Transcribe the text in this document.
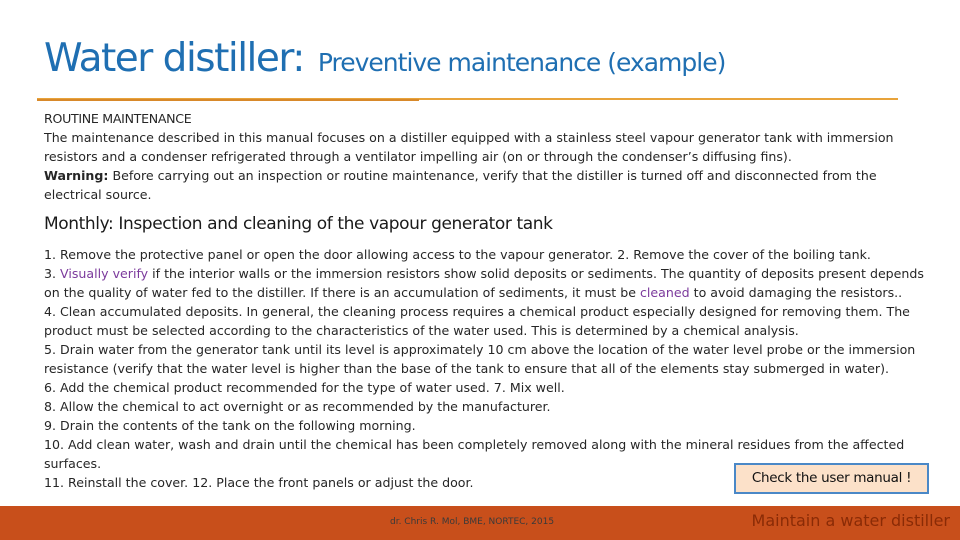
Water distiller: Preventive maintenance (example)
ROUTINE MAINTENANCE
The maintenance described in this manual focuses on a distiller equipped with a stainless steel vapour generator tank with immersion
resistors and a condenser refrigerated through a ventilator impelling air (on or through the condenser’s diffusing fins).
Warning: Before carrying out an inspection or routine maintenance, verify that the distiller is turned off and disconnected from the
electrical source.
Monthly: Inspection and cleaning of the vapour generator tank
1. Remove the protective panel or open the door allowing access to the vapour generator. 2. Remove the cover of the boiling tank.
3. Visually verify if the interior walls or the immersion resistors show solid deposits or sediments. The quantity of deposits present depends
on the quality of water fed to the distiller. If there is an accumulation of sediments, it must be cleaned to avoid damaging the resistors..
4. Clean accumulated deposits. In general, the cleaning process requires a chemical product especially designed for removing them. The
product must be selected according to the characteristics of the water used. This is determined by a chemical analysis.
5. Drain water from the generator tank until its level is approximately 10 cm above the location of the water level probe or the immersion
resistance (verify that the water level is higher than the base of the tank to ensure that all of the elements stay submerged in water).
6. Add the chemical product recommended for the type of water used. 7. Mix well.
8. Allow the chemical to act overnight or as recommended by the manufacturer.
9. Drain the contents of the tank on the following morning.
10. Add clean water, wash and drain until the chemical has been completely removed along with the mineral residues from the affected
surfaces.
11. Reinstall the cover. 12. Place the front panels or adjust the door.	Check the user manual !
dr. Chris R. Mol, BME, NORTEC, 2015	Maintain a water distiller
